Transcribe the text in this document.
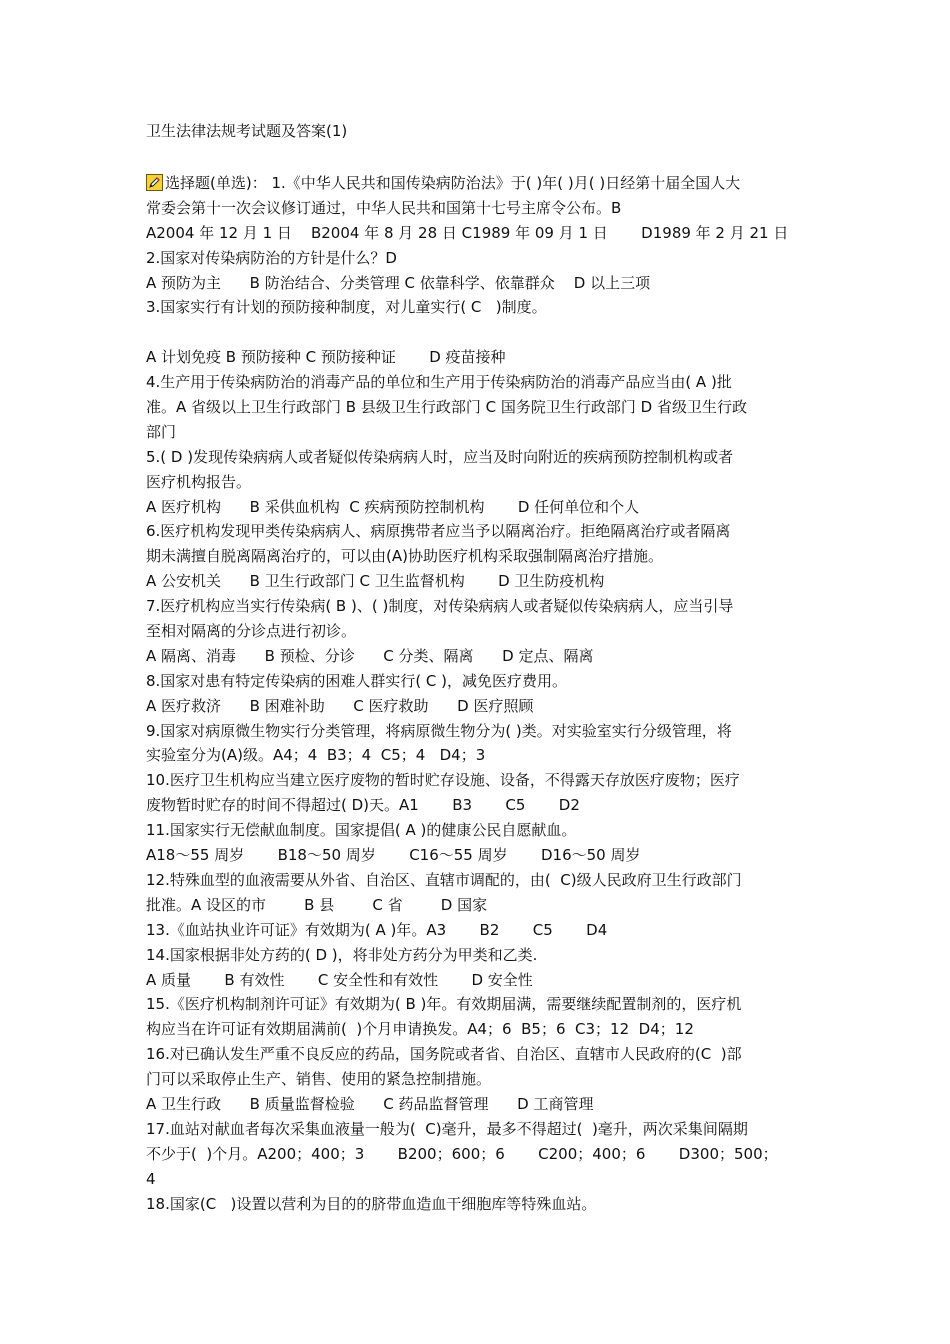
卫生法律法规考试题及答案(1)
选择题(单选)： 1.《中华人民共和国传染病防治法》于( )年( )月( )日经第十届全国人大
常委会第十一次会议修订通过，中华人民共和国第十七号主席令公布。B
A2004 年 12 月 1 日    B2004 年 8 月 28 日 C1989 年 09 月 1 日       D1989 年 2 月 21 日
2.国家对传染病防治的方针是什么？D
A 预防为主      B 防治结合、分类管理 C 依靠科学、依靠群众    D 以上三项
3.国家实行有计划的预防接种制度，对儿童实行( C   )制度。
A 计划免疫 B 预防接种 C 预防接种证       D 疫苗接种
4.生产用于传染病防治的消毒产品的单位和生产用于传染病防治的消毒产品应当由( A )批
准。A 省级以上卫生行政部门 B 县级卫生行政部门 C 国务院卫生行政部门 D 省级卫生行政
部门
5.( D )发现传染病病人或者疑似传染病病人时，应当及时向附近的疾病预防控制机构或者
医疗机构报告。
A 医疗机构      B 采供血机构  C 疾病预防控制机构       D 任何单位和个人
6.医疗机构发现甲类传染病病人、病原携带者应当予以隔离治疗。拒绝隔离治疗或者隔离
期未满擅自脱离隔离治疗的，可以由(A)协助医疗机构采取强制隔离治疗措施。
A 公安机关      B 卫生行政部门 C 卫生监督机构       D 卫生防疫机构
7.医疗机构应当实行传染病( B )、( )制度，对传染病病人或者疑似传染病病人，应当引导
至相对隔离的分诊点进行初诊。
A 隔离、消毒      B 预检、分诊      C 分类、隔离      D 定点、隔离
8.国家对患有特定传染病的困难人群实行( C )，减免医疗费用。
A 医疗救济      B 困难补助      C 医疗救助      D 医疗照顾
9.国家对病原微生物实行分类管理，将病原微生物分为( )类。对实验室实行分级管理，将
实验室分为(A)级。A4；4  B3；4  C5；4   D4；3
10.医疗卫生机构应当建立医疗废物的暂时贮存设施、设备，不得露天存放医疗废物；医疗
废物暂时贮存的时间不得超过( D)天。A1       B3       C5       D2
11.国家实行无偿献血制度。国家提倡( A )的健康公民自愿献血。
A18～55 周岁       B18～50 周岁       C16～55 周岁       D16～50 周岁
12.特殊血型的血液需要从外省、自治区、直辖市调配的，由(  C)级人民政府卫生行政部门
批准。A 设区的市        B 县        C 省        D 国家
13.《血站执业许可证》有效期为( A )年。A3       B2       C5       D4
14.国家根据非处方药的( D )，将非处方药分为甲类和乙类.
A 质量       B 有效性       C 安全性和有效性       D 安全性
15.《医疗机构制剂许可证》有效期为( B )年。有效期届满，需要继续配置制剂的，医疗机
构应当在许可证有效期届满前(  )个月申请换发。A4；6  B5；6  C3；12  D4；12
16.对已确认发生严重不良反应的药品，国务院或者省、自治区、直辖市人民政府的(C  )部
门可以采取停止生产、销售、使用的紧急控制措施。
A 卫生行政      B 质量监督检验      C 药品监督管理      D 工商管理
17.血站对献血者每次采集血液量一般为(  C)毫升，最多不得超过(  )毫升，两次采集间隔期
不少于(  )个月。A200；400；3       B200；600；6       C200；400；6       D300；500；
4
18.国家(C   )设置以营利为目的的脐带血造血干细胞库等特殊血站。
